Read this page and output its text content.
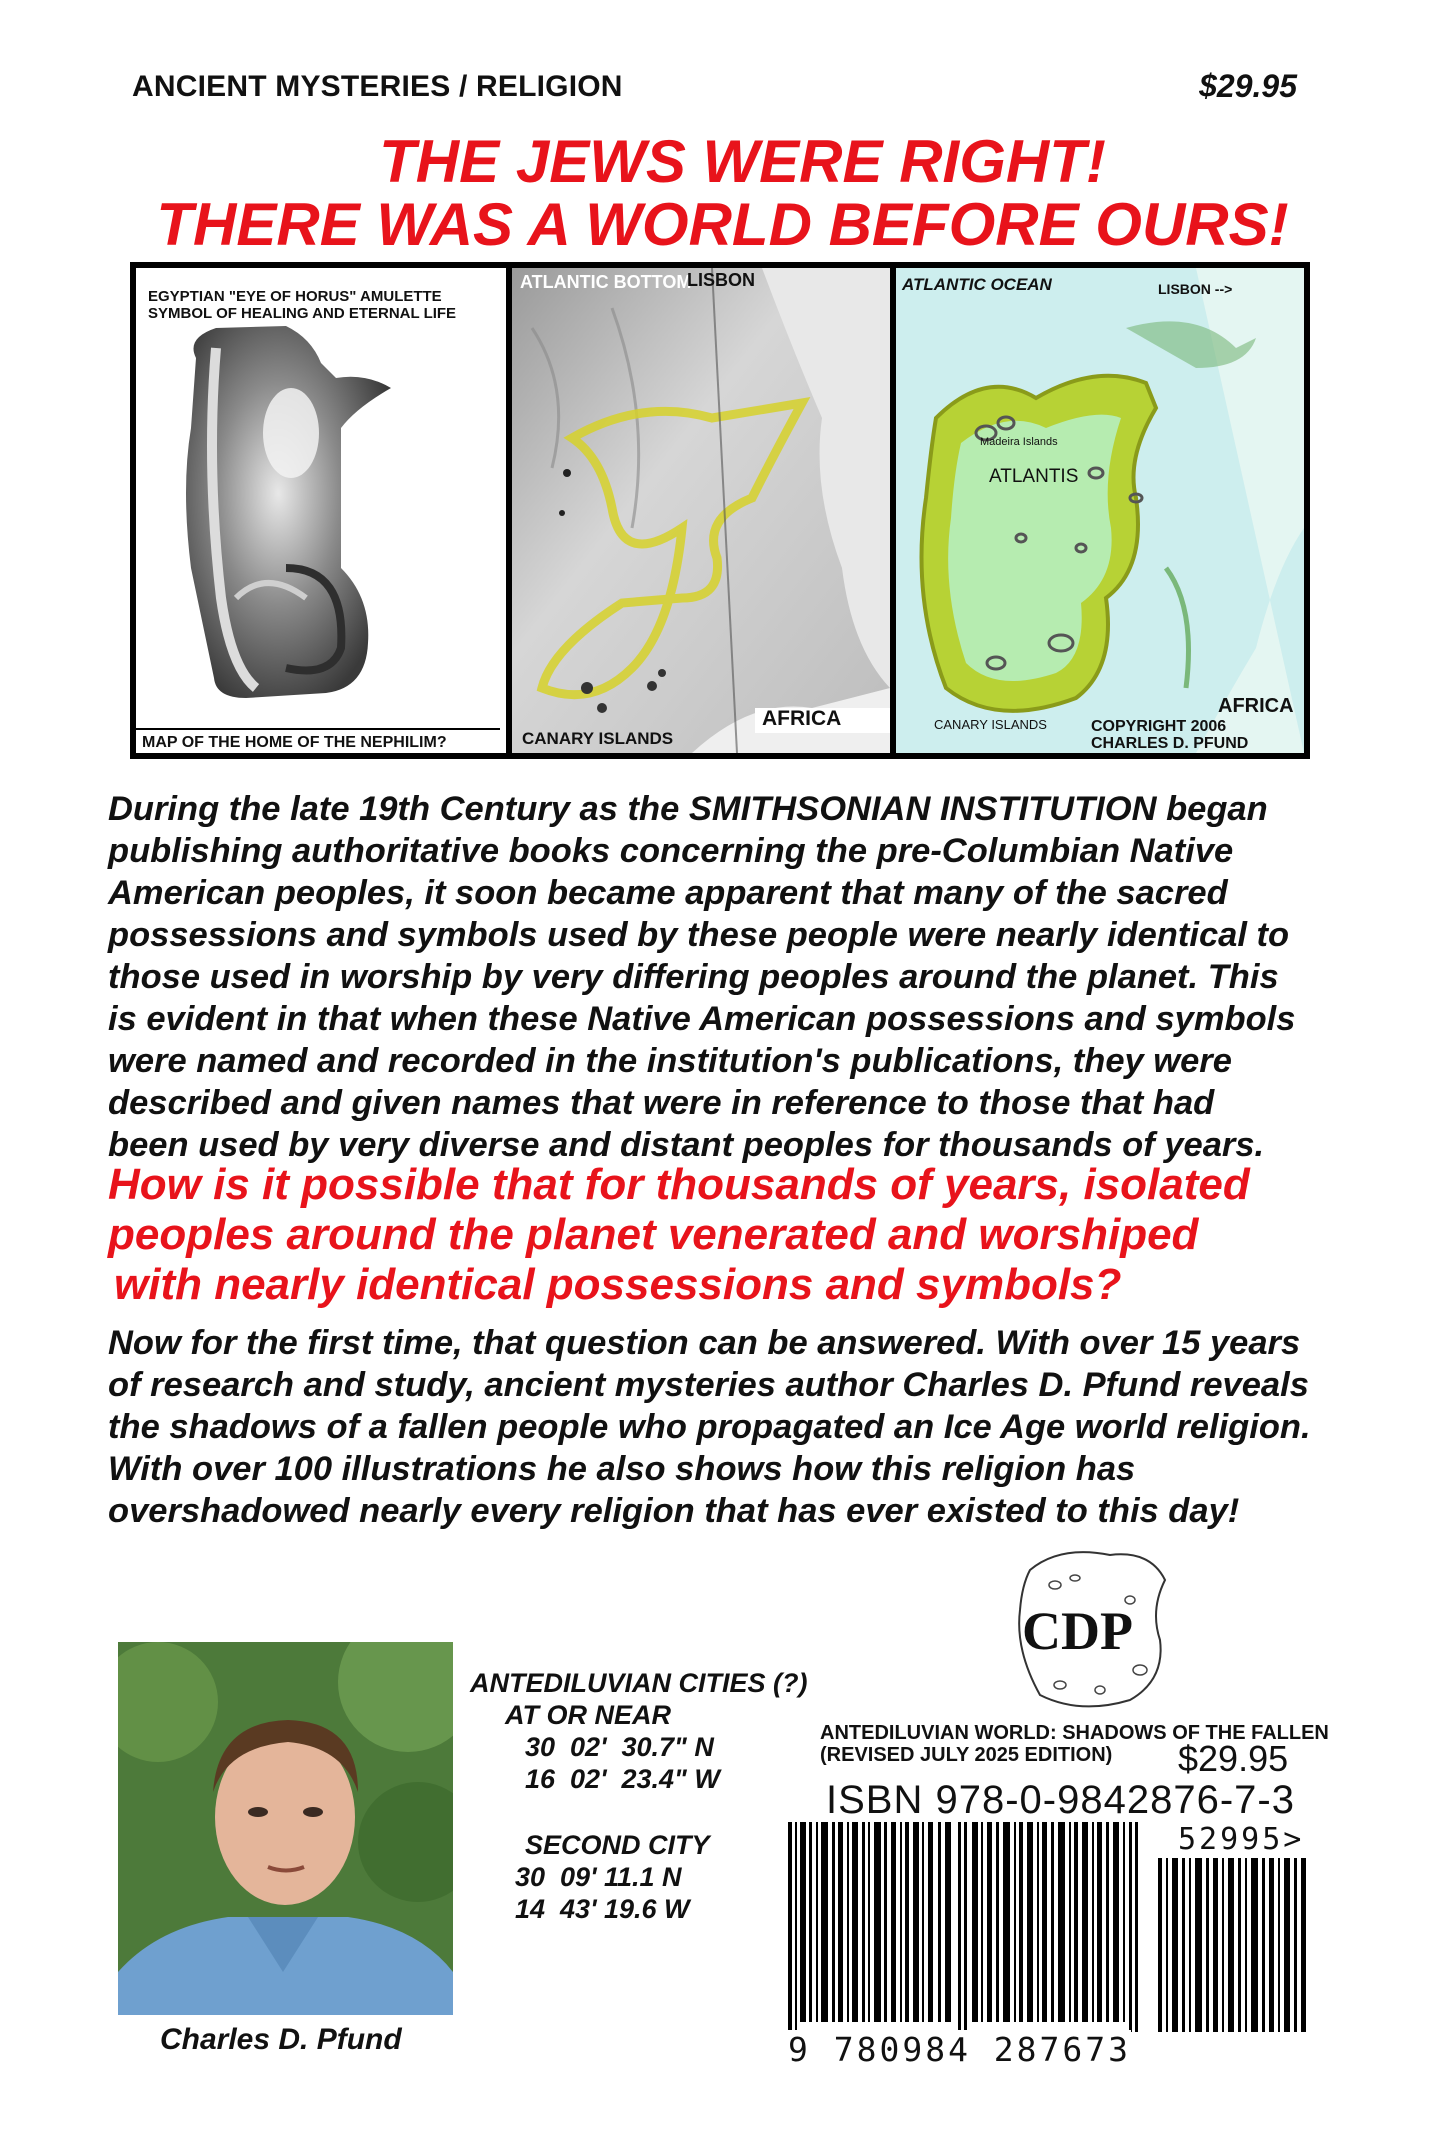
ANCIENT MYSTERIES / RELIGION	$29.95
THE JEWS WERE RIGHT!
THERE WAS A WORLD BEFORE OURS!
EGYPTIAN "EYE OF HORUS" AMULETTE
SYMBOL OF HEALING AND ETERNAL LIFE
MAP OF THE HOME OF THE NEPHILIM?
ATLANTIC BOTTOM
LISBON
AFRICA
CANARY ISLANDS
ATLANTIC OCEAN	LISBON -->
Madeira Islands
ATLANTIS
AFRICA
CANARY ISLANDS	COPYRIGHT 2006
CHARLES D. PFUND
During the late 19th Century as the SMITHSONIAN INSTITUTION began
publishing authoritative books concerning the pre-Columbian Native
American peoples, it soon became apparent that many of the sacred
possessions and symbols used by these people were nearly identical to
those used in worship by very differing peoples around the planet. This
is evident in that when these Native American possessions and symbols
were named and recorded in the institution's publications, they were
described and given names that were in reference to those that had
been used by very diverse and distant peoples for thousands of years.
How is it possible that for thousands of years, isolated
peoples around the planet venerated and worshiped
with nearly identical possessions and symbols?
Now for the first time, that question can be answered. With over 15 years
of research and study, ancient mysteries author Charles D. Pfund reveals
the shadows of a fallen people who propagated an Ice Age world religion.
With over 100 illustrations he also shows how this religion has
overshadowed nearly every religion that has ever existed to this day!
Charles D. Pfund
ANTEDILUVIAN CITIES (?)
AT OR NEAR
30  02'  30.7" N
16  02'  23.4" W
SECOND CITY
30  09' 11.1 N
14  43' 19.6 W
CDP
ANTEDILUVIAN WORLD: SHADOWS OF THE FALLEN
(REVISED JULY 2025 EDITION) $29.95
ISBN 978-0-9842876-7-3
52995>
9 780984 287673
